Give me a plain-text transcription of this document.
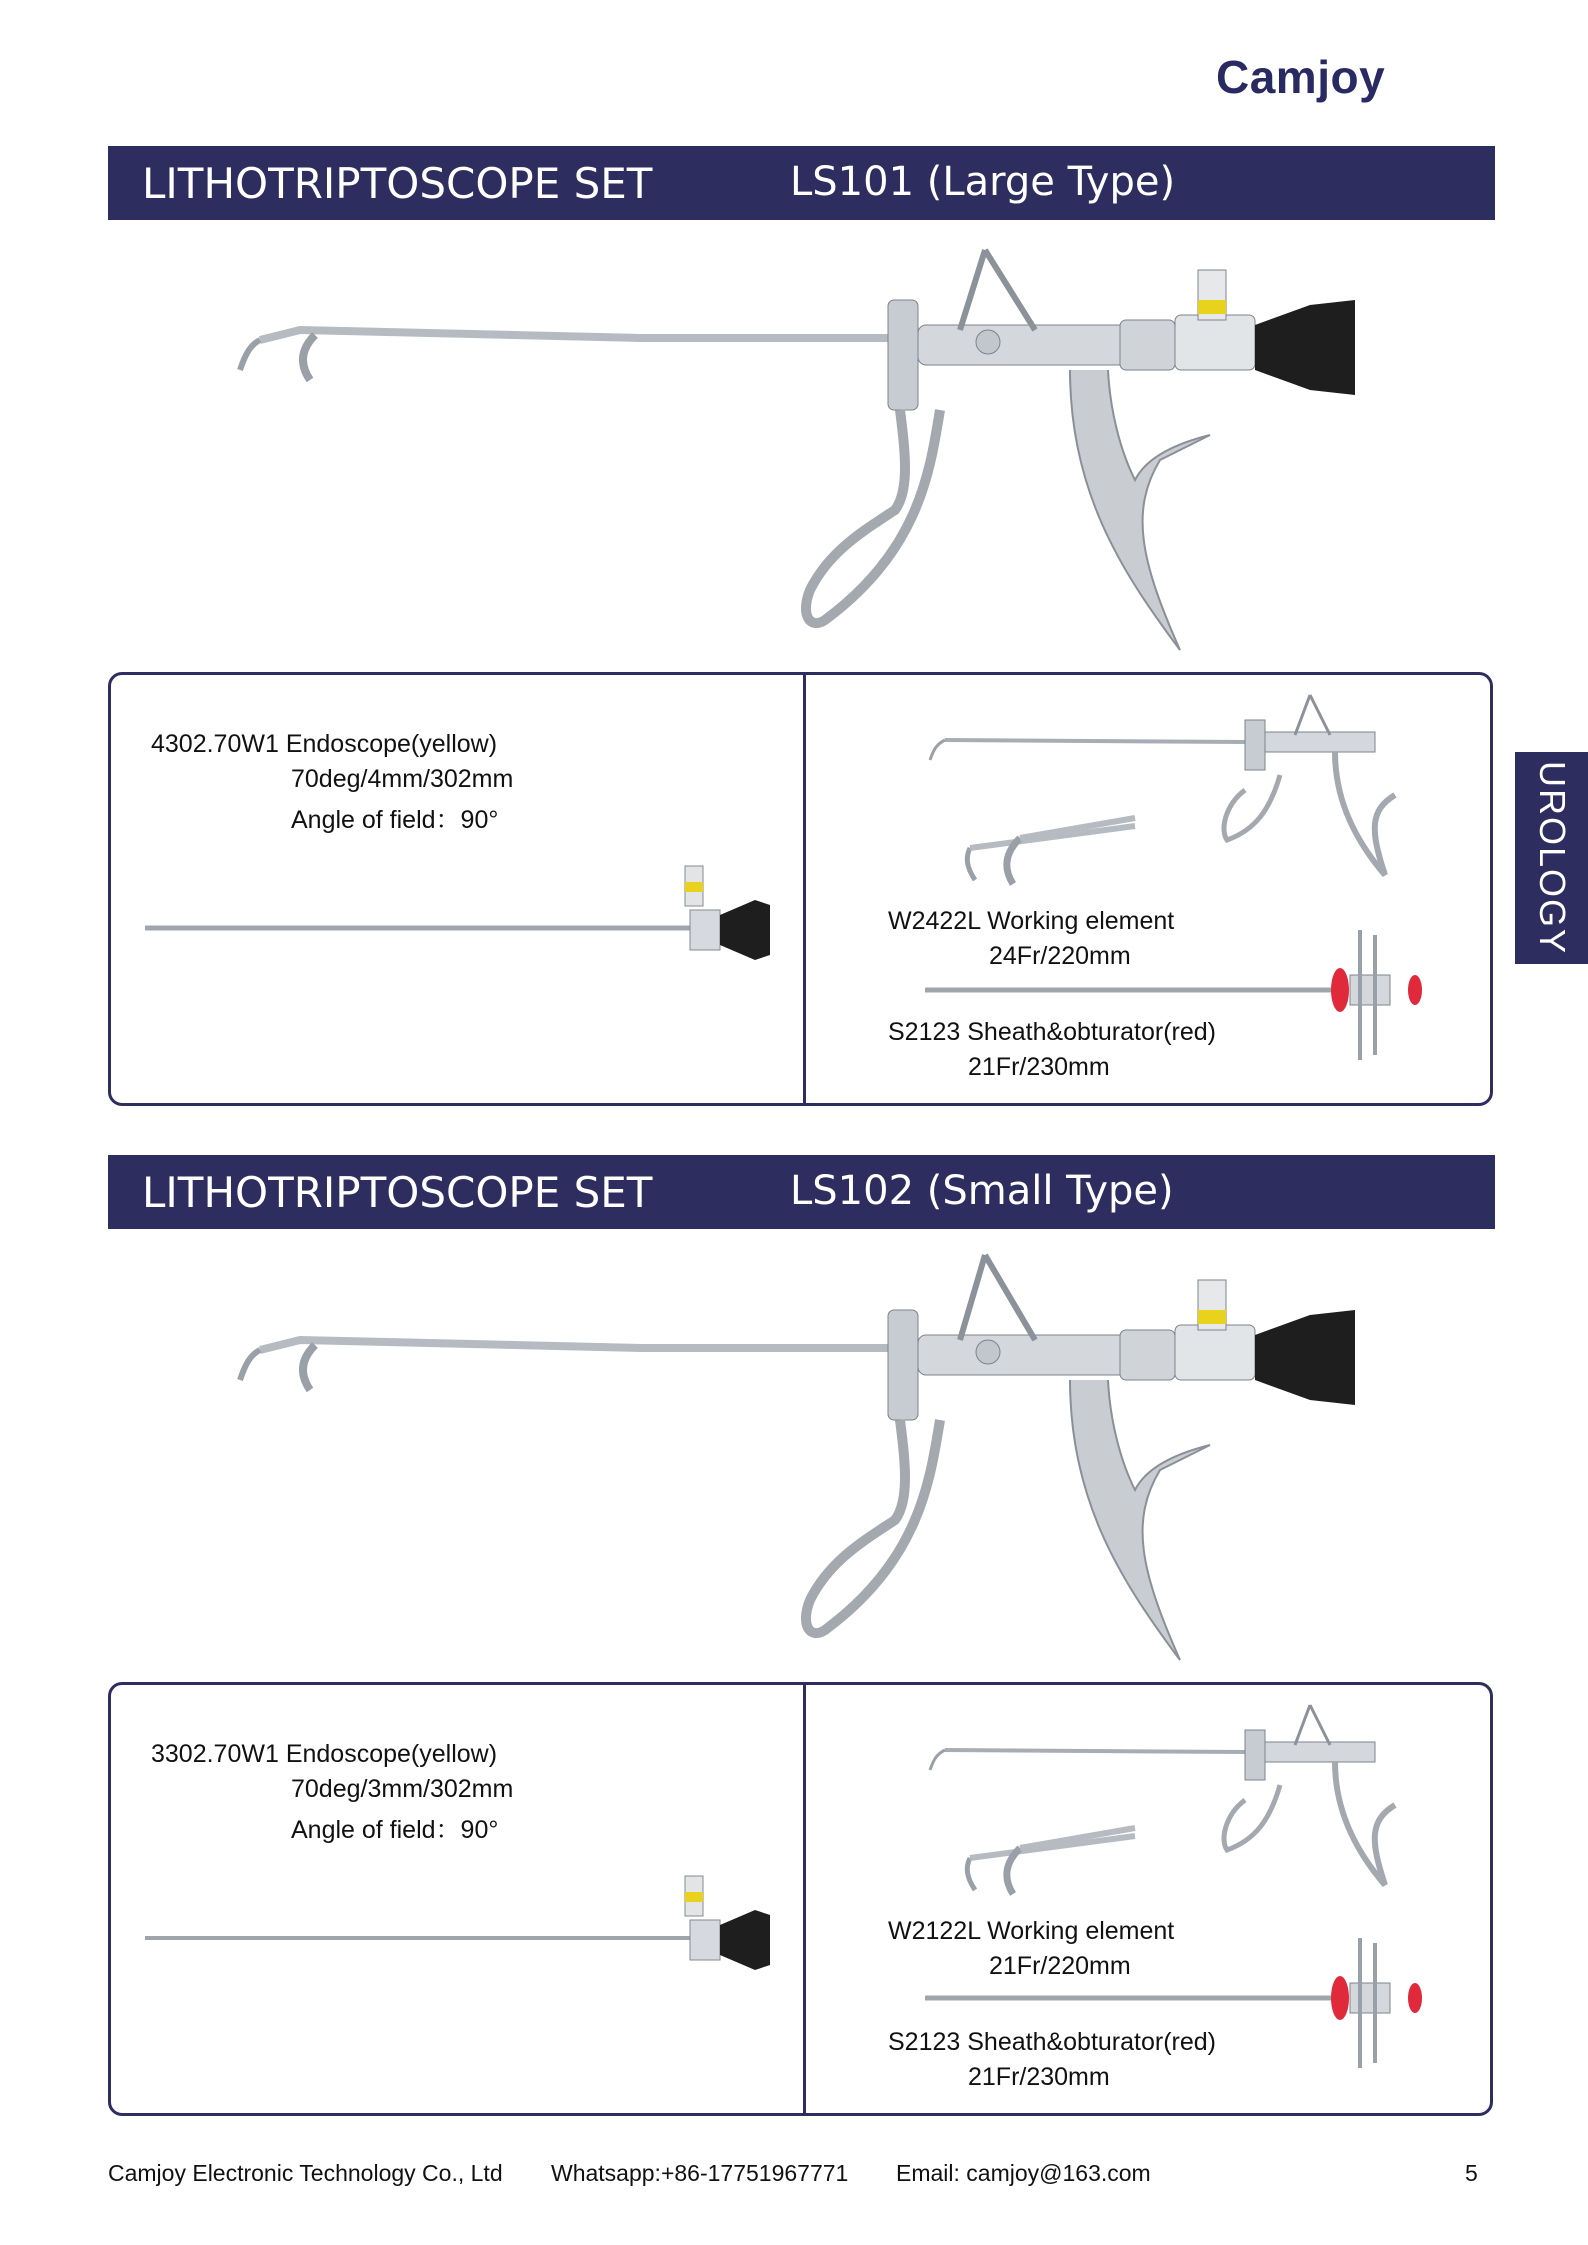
Camjoy
LITHOTRIPTOSCOPE SET	LS101 (Large Type)
4302.70W1 Endoscope(yellow)
70deg/4mm/302mm
Angle of field：90°
W2422L Working element
24Fr/220mm
S2123 Sheath&obturator(red)
21Fr/230mm
LITHOTRIPTOSCOPE SET	LS102 (Small Type)
3302.70W1 Endoscope(yellow)
70deg/3mm/302mm
Angle of field：90°
W2122L Working element
21Fr/220mm
S2123 Sheath&obturator(red)
21Fr/230mm
UROLOGY
Camjoy Electronic Technology Co., Ltd Whatsapp:+86-17751967771 Email: camjoy@163.com	5
